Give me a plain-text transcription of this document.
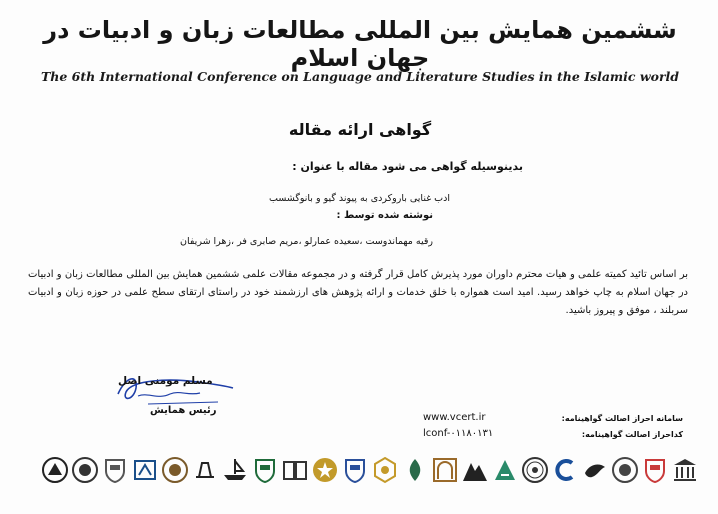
ششمین همایش بین المللی مطالعات زبان و ادبیات در جهان اسلام
The 6th International Conference on Language and Literature Studies in the Islamic world
گواهی ارائه مقاله
بدینوسیله گواهی می شود مقاله با عنوان :
ادب غنایی باروکردی به پیوند گیو و بانوگشسب
نوشته شده توسط :
رقیه مهماندوست ،سعیده عمارلو ،مریم صابری فر ،زهرا شریفان
بر اساس تائید کمیته علمی و هیات محترم داوران مورد پذیرش کامل قرار گرفته و در مجموعه مقالات علمی ششمین همایش بین المللی مطالعات زبان و ادبیات در جهان اسلام به چاپ خواهد رسید. امید است همواره با خلق خدمات و ارائه پژوهش های ارزشمند خود در راستای ارتقای سطح علمی در حوزه زبان و ادبیات سربلند ، موفق و پیروز باشید.
مسلم مومنی اصل
رئیس همایش
سامانه احراز اصالت گواهینامه:
www.vcert.ir
کداحراز اصالت گواهینامه:
lconf-۰۱۱۸۰۱۳۱
